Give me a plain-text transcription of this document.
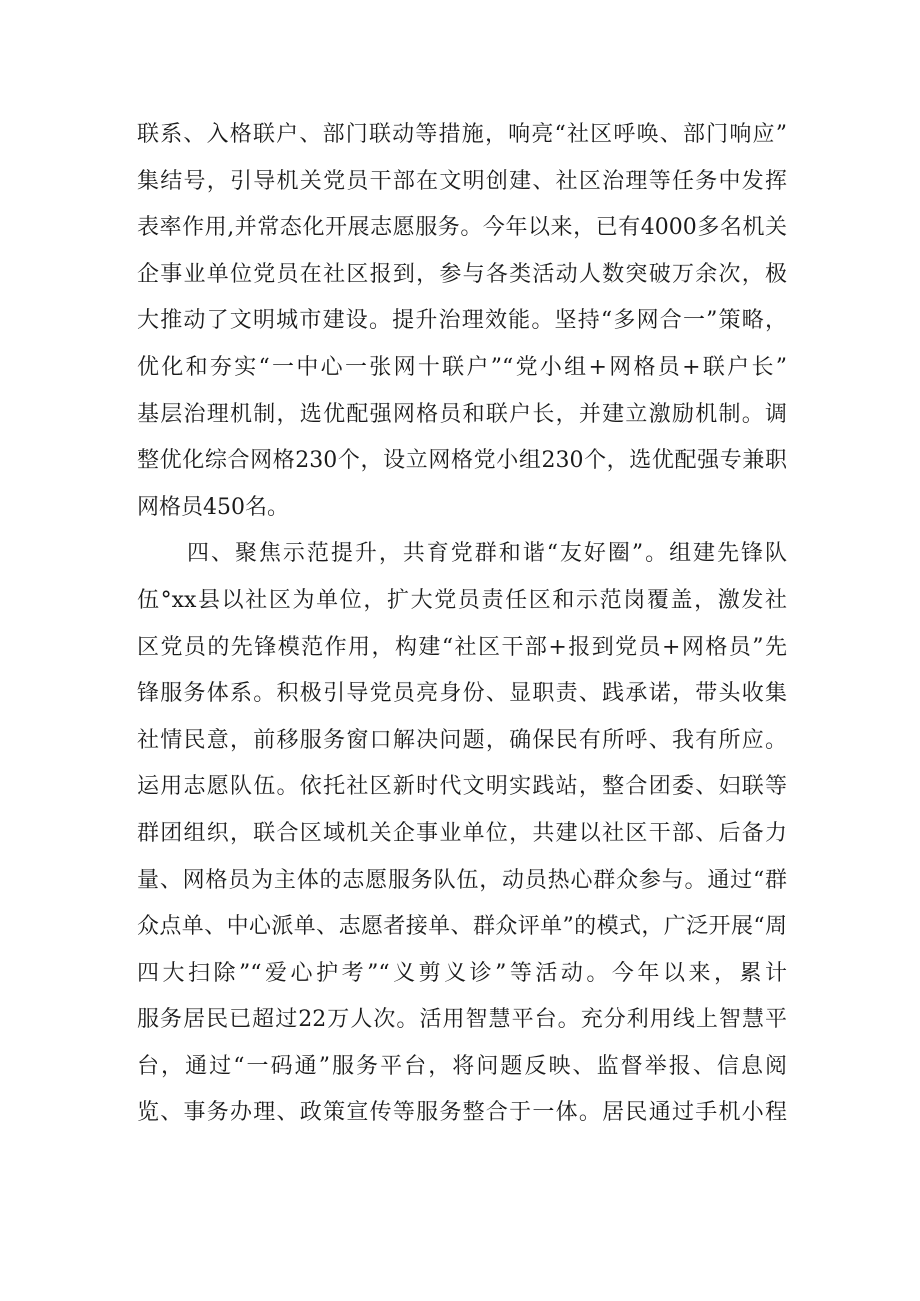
联系、入格联户、部门联动等措施，响亮“社区呼唤、部门响应”
集结号，引导机关党员干部在文明创建、社区治理等任务中发挥
表率作用,并常态化开展志愿服务。今年以来，已有4000多名机关
企事业单位党员在社区报到，参与各类活动人数突破万余次，极
大推动了文明城市建设。提升治理效能。坚持“多网合一”策略，
优化和夯实“一中心一张网十联户”“党小组+网格员+联户长”
基层治理机制，选优配强网格员和联户长，并建立激励机制。调
整优化综合网格230个，设立网格党小组230个，选优配强专兼职
网格员450名。
四、聚焦示范提升，共育党群和谐“友好圈”。组建先锋队
伍°xx县以社区为单位，扩大党员责任区和示范岗覆盖，激发社
区党员的先锋模范作用，构建“社区干部+报到党员+网格员”先
锋服务体系。积极引导党员亮身份、显职责、践承诺，带头收集
社情民意，前移服务窗口解决问题，确保民有所呼、我有所应。
运用志愿队伍。依托社区新时代文明实践站，整合团委、妇联等
群团组织，联合区域机关企事业单位，共建以社区干部、后备力
量、网格员为主体的志愿服务队伍，动员热心群众参与。通过“群
众点单、中心派单、志愿者接单、群众评单”的模式，广泛开展“周
四大扫除”“爱心护考”“义剪义诊”等活动。今年以来，累计
服务居民已超过22万人次。活用智慧平台。充分利用线上智慧平
台，通过“一码通”服务平台，将问题反映、监督举报、信息阅
览、事务办理、政策宣传等服务整合于一体。居民通过手机小程
